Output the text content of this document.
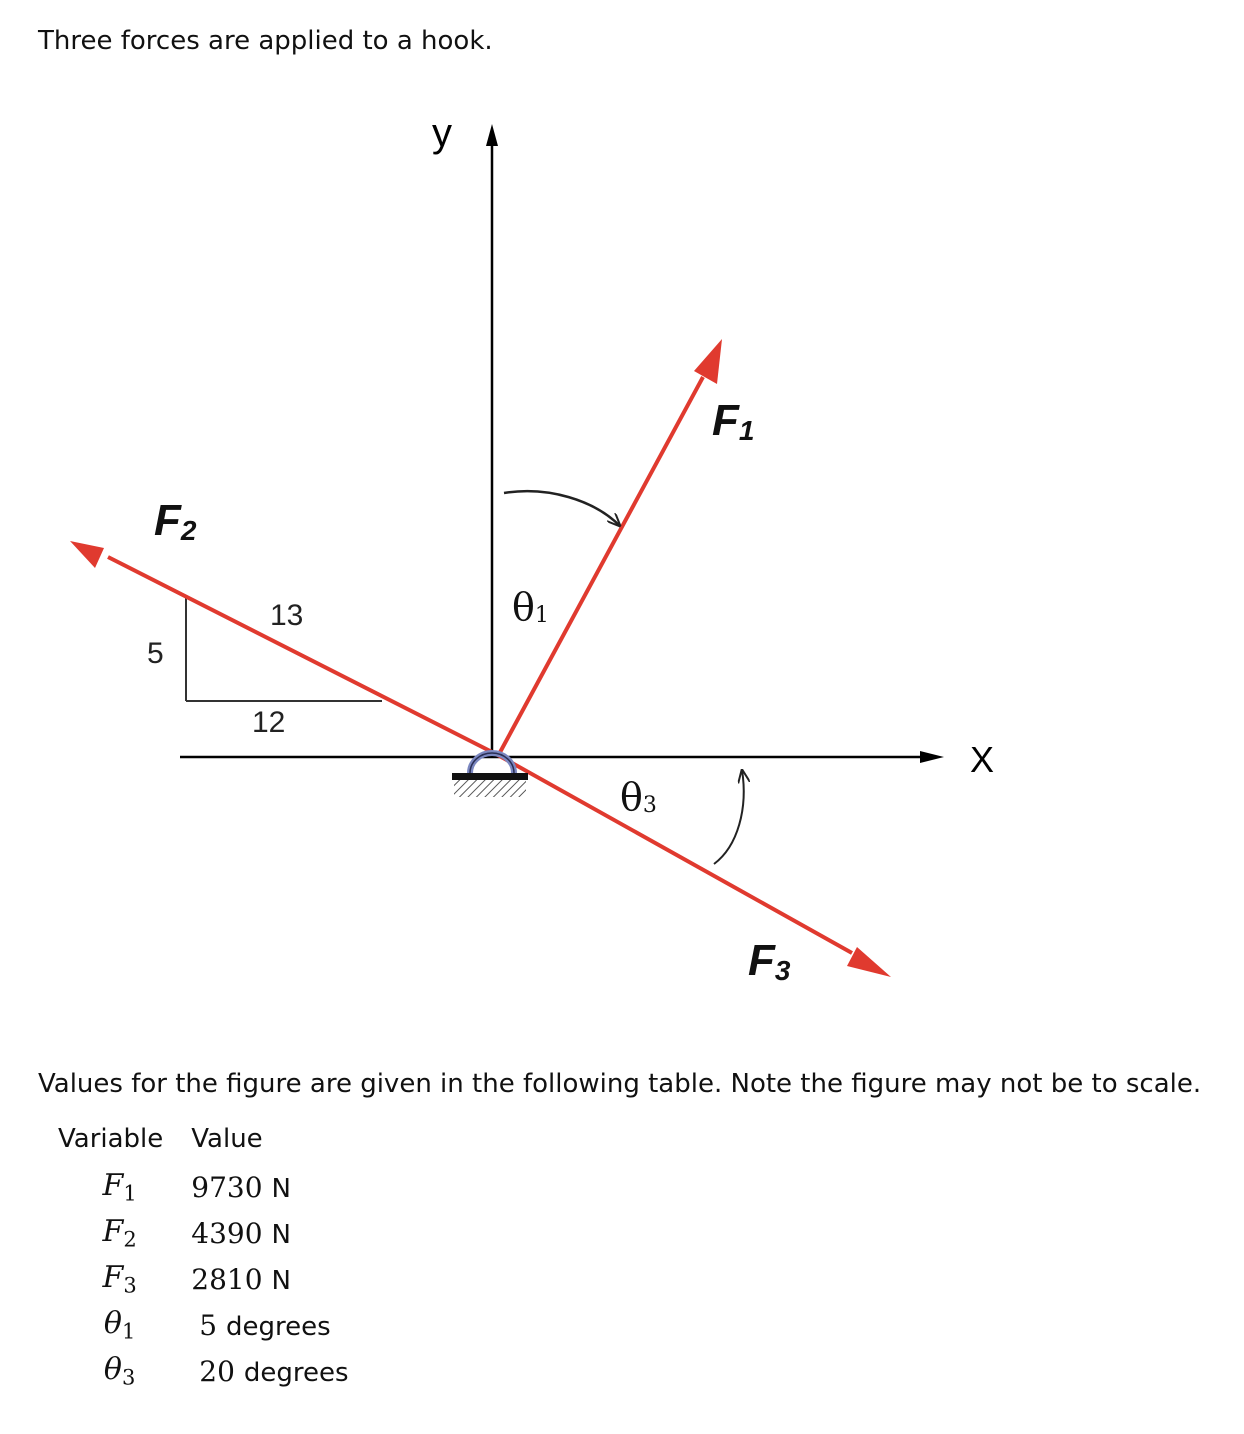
Three forces are applied to a hook.

y
X
13
5
12
F1
F2
F3
θ1
θ3

Values for the figure are given in the following table. Note the figure may not be to scale.

Variable	Value
$F_1$	9730 N
$F_2$	4390 N
$F_3$	2810 N
$\theta_1$	5 degrees
$\theta_3$	20 degrees
